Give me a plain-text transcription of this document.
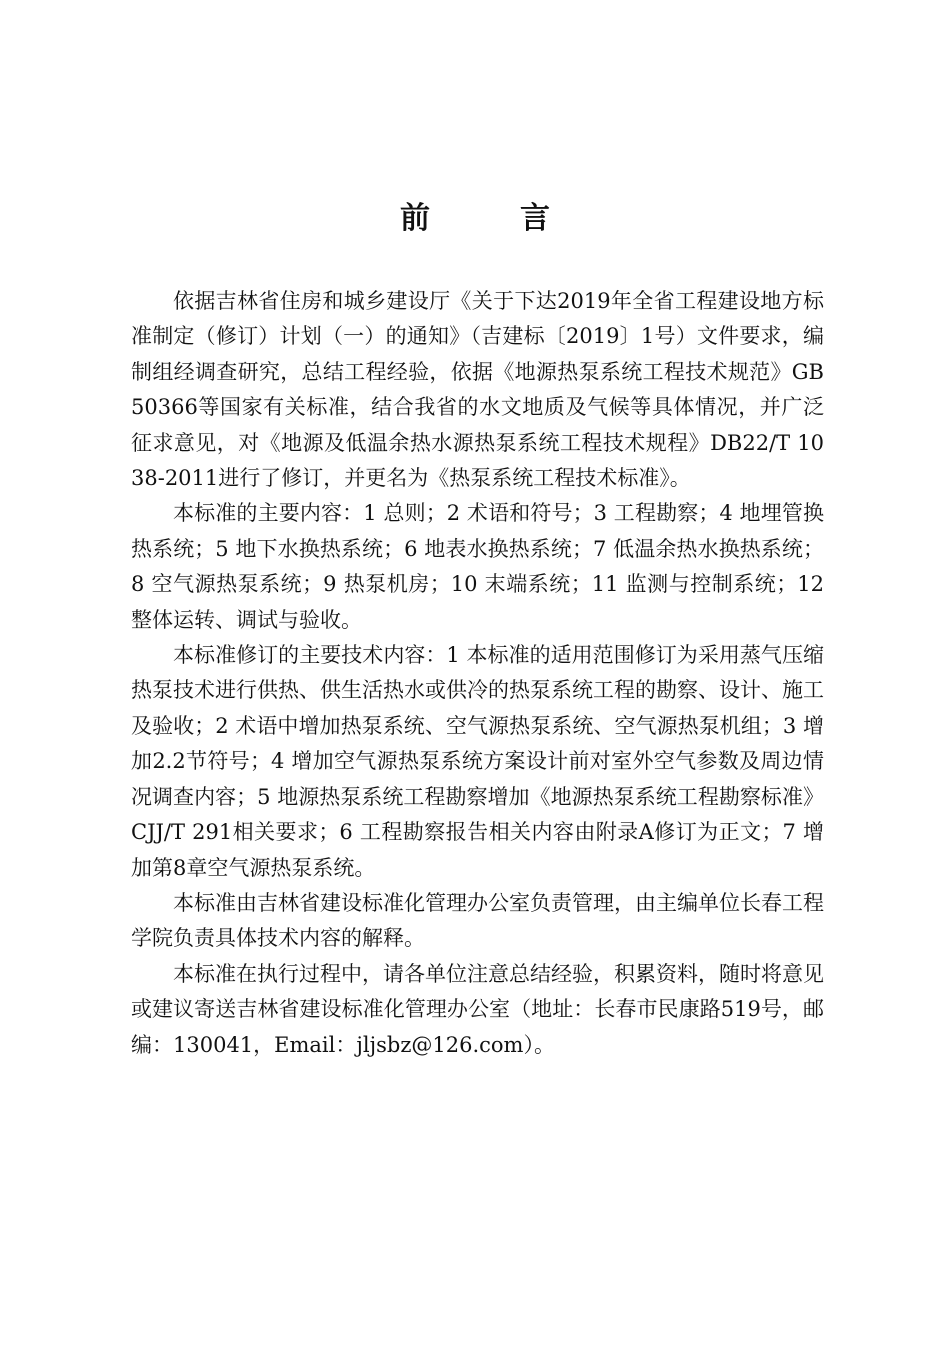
前　言

依据吉林省住房和城乡建设厅《关于下达2019年全省工程建设地方标准制定（修订）计划（一）的通知》（吉建标〔2019〕1号）文件要求，编制组经调查研究，总结工程经验，依据《地源热泵系统工程技术规范》GB 50366等国家有关标准，结合我省的水文地质及气候等具体情况，并广泛征求意见，对《地源及低温余热水源热泵系统工程技术规程》DB22/T 1038-2011进行了修订，并更名为《热泵系统工程技术标准》。

本标准的主要内容：1 总则；2 术语和符号；3 工程勘察；4 地埋管换热系统；5 地下水换热系统；6 地表水换热系统；7 低温余热水换热系统；8 空气源热泵系统；9 热泵机房；10 末端系统；11 监测与控制系统；12 整体运转、调试与验收。

本标准修订的主要技术内容：1 本标准的适用范围修订为采用蒸气压缩热泵技术进行供热、供生活热水或供冷的热泵系统工程的勘察、设计、施工及验收；2 术语中增加热泵系统、空气源热泵系统、空气源热泵机组；3 增加2.2节符号；4 增加空气源热泵系统方案设计前对室外空气参数及周边情况调查内容；5 地源热泵系统工程勘察增加《地源热泵系统工程勘察标准》CJJ/T 291相关要求；6 工程勘察报告相关内容由附录A修订为正文；7 增加第8章空气源热泵系统。

本标准由吉林省建设标准化管理办公室负责管理，由主编单位长春工程学院负责具体技术内容的解释。

本标准在执行过程中，请各单位注意总结经验，积累资料，随时将意见或建议寄送吉林省建设标准化管理办公室（地址：长春市民康路519号，邮编：130041，Email：jljsbz@126.com）。
